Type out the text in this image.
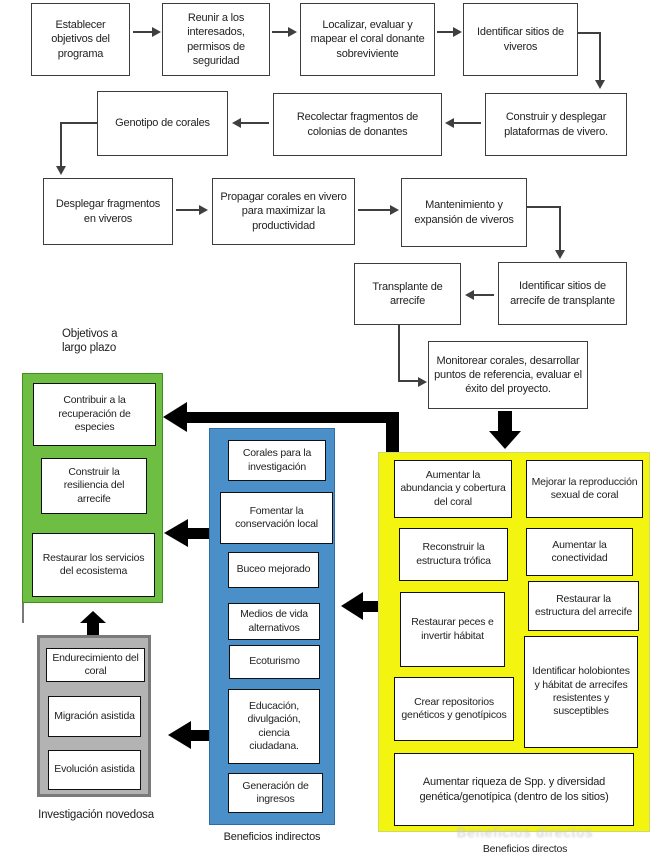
Establecer objetivos del programa
Reunir a los interesados, permisos de seguridad
Localizar, evaluar y mapear el coral donante sobreviviente
Identificar sitios de viveros
Construir y desplegar plataformas de vivero.
Recolectar fragmentos de colonias de donantes
Genotipo de corales
Desplegar fragmentos en viveros
Propagar corales en vivero para maximizar la productividad
Mantenimiento y expansión de viveros
Identificar sitios de arrecife de transplante
Transplante de arrecife
Monitorear corales, desarrollar puntos de referencia, evaluar el éxito del proyecto.
Objetivos a largo plazo
Contribuir a la recuperación de especies
Construir la resiliencia del arrecife
Restaurar los servicios del ecosistema
Corales para la investigación
Fomentar la conservación local
Buceo mejorado
Medios de vida alternativos
Ecoturismo
Educación, divulgación, ciencia ciudadana.
Generación de ingresos
Beneficios indirectos
Aumentar la abundancia y cobertura del coral
Mejorar la reproducción sexual de coral
Reconstruir la estructura trófica
Aumentar la conectividad
Restaurar la estructura del arrecife
Restaurar peces e invertir hábitat
Crear repositorios genéticos y genotípicos
Identificar holobiontes y hábitat de arrecifes resistentes y susceptibles
Aumentar riqueza de Spp. y diversidad genética/genotípica (dentro de los sitios)
Beneficios directos
Beneficios directos
Endurecimiento del coral
Migración asistida
Evolución asistida
Investigación novedosa
